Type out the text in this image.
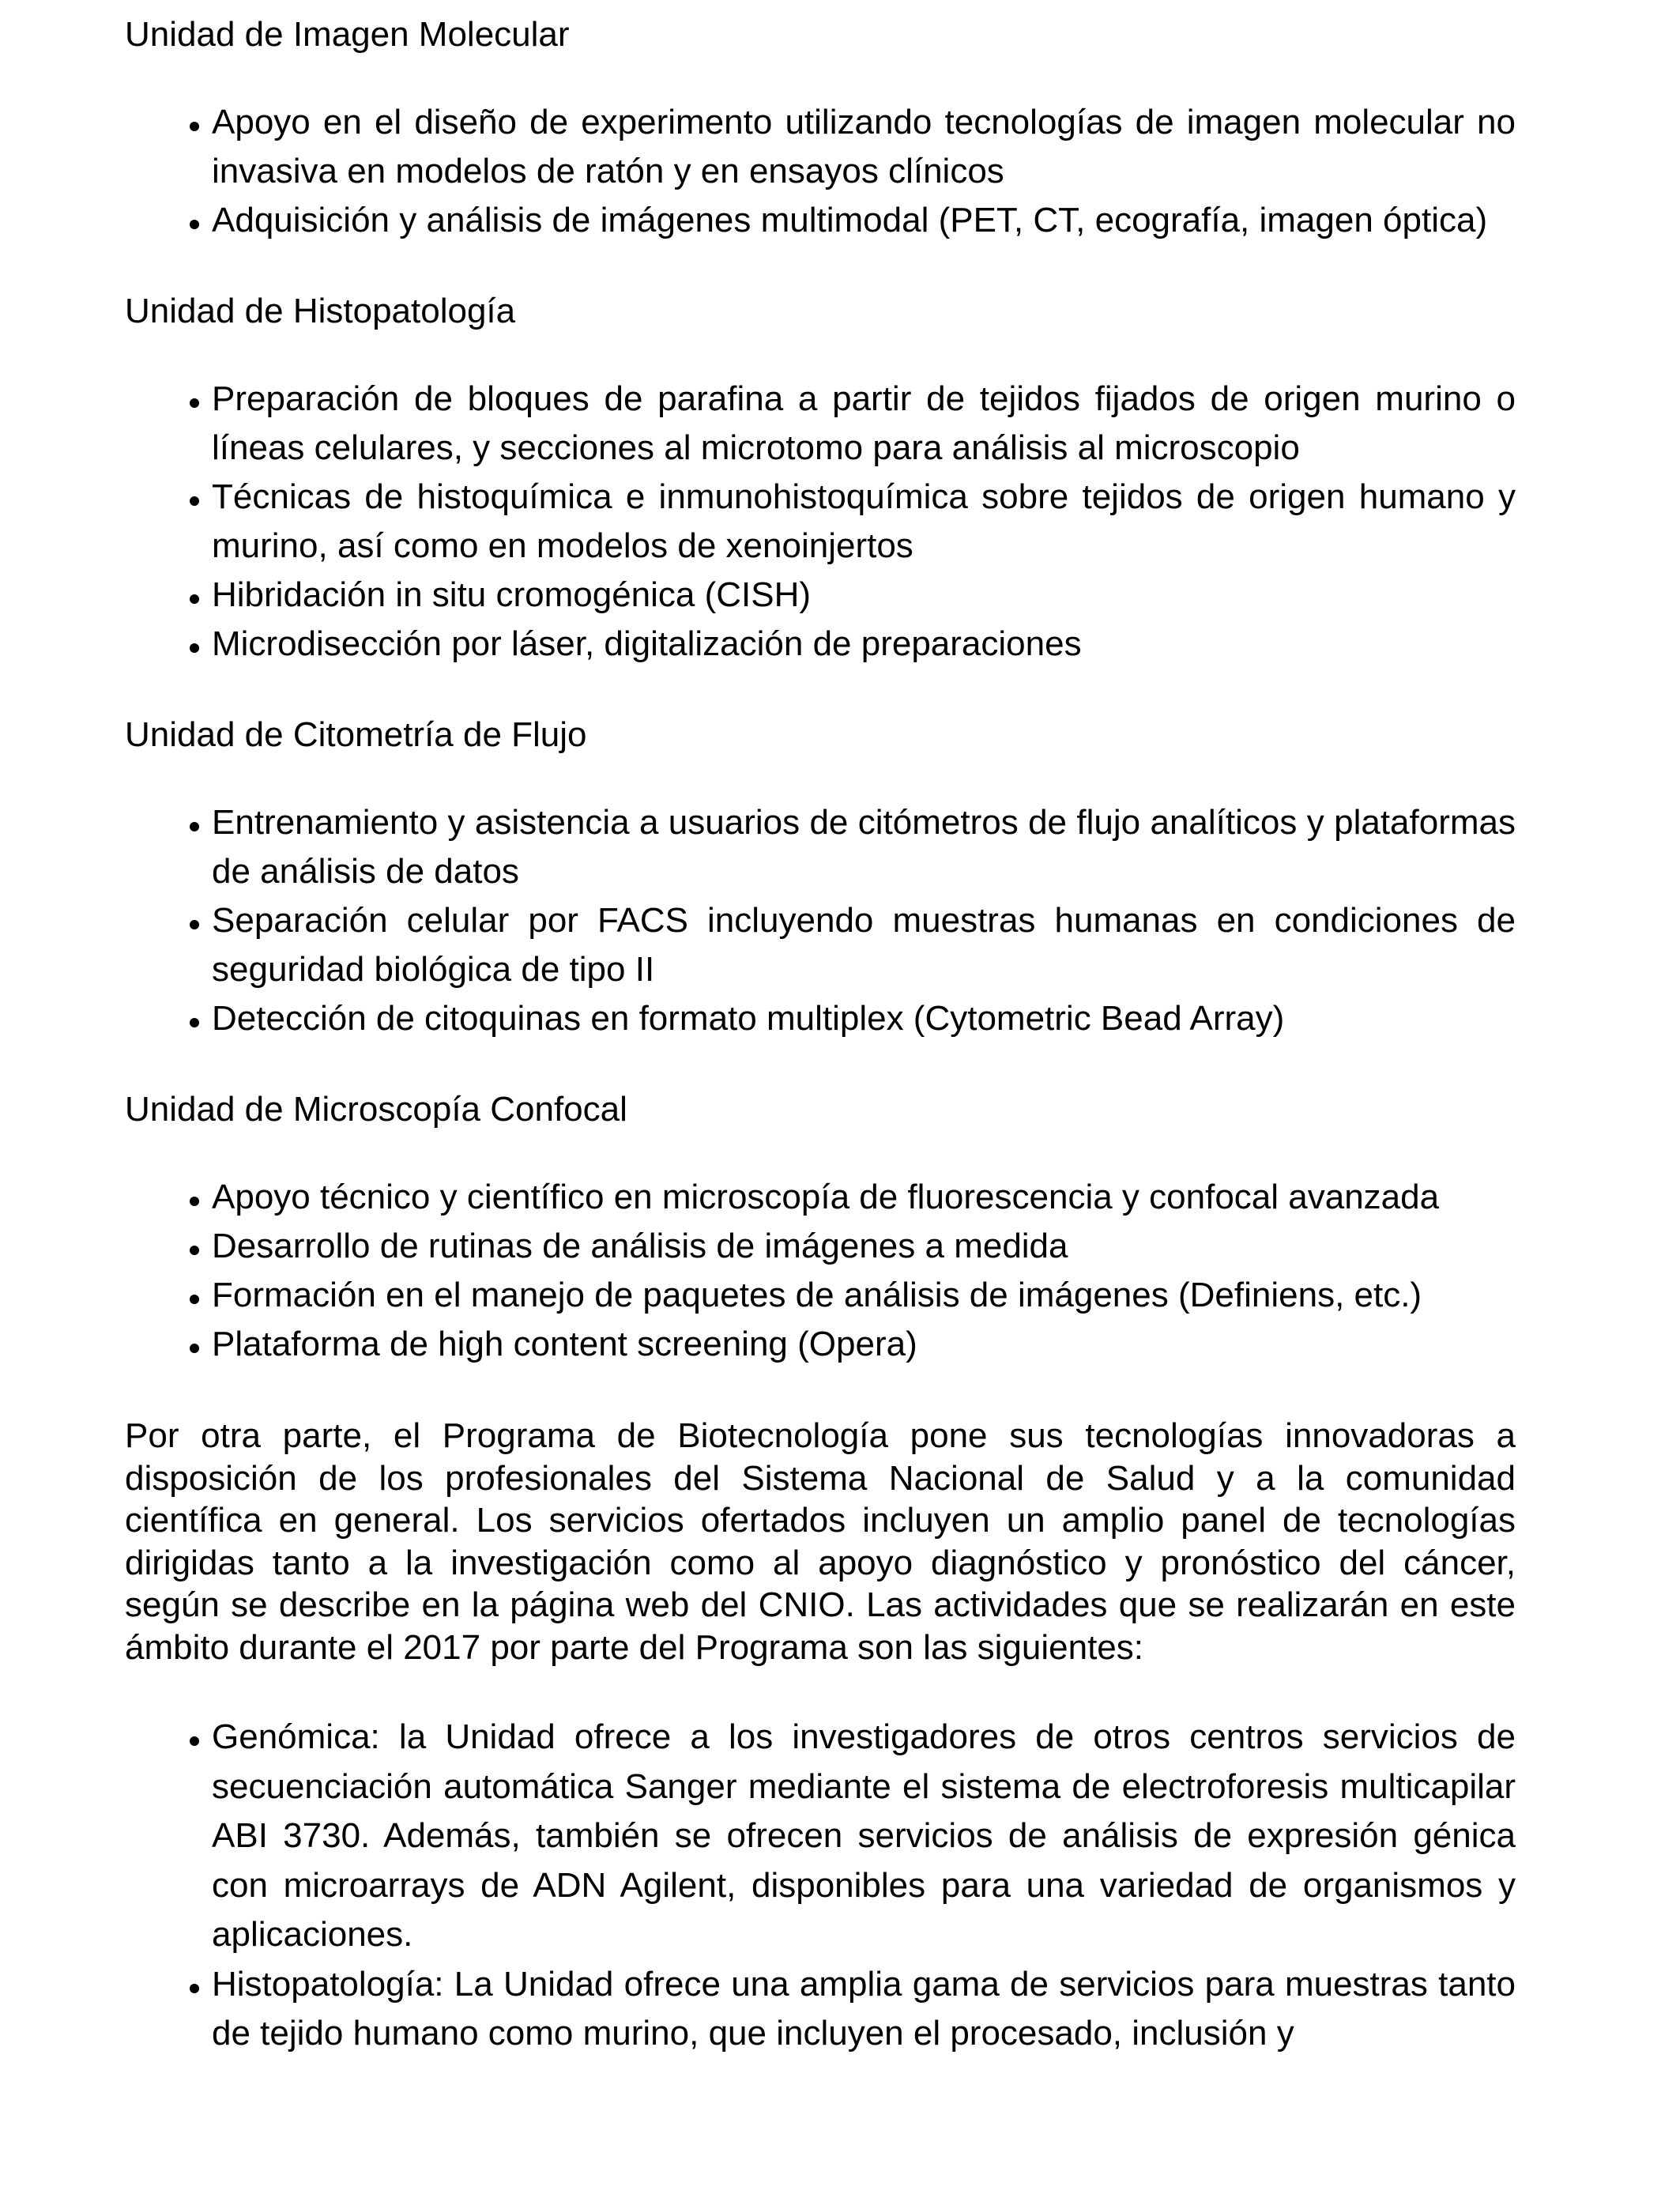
Unidad de Imagen Molecular
Apoyo en el diseño de experimento utilizando tecnologías de imagen molecular no invasiva en modelos de ratón y en ensayos clínicos
Adquisición y análisis de imágenes multimodal (PET, CT, ecografía, imagen óptica)
Unidad de Histopatología
Preparación de bloques de parafina a partir de tejidos fijados de origen murino o líneas celulares, y secciones al microtomo para análisis al microscopio
Técnicas de histoquímica e inmunohistoquímica sobre tejidos de origen humano y murino, así como en modelos de xenoinjertos
Hibridación in situ cromogénica (CISH)
Microdisección por láser, digitalización de preparaciones
Unidad de Citometría de Flujo
Entrenamiento y asistencia a usuarios de citómetros de flujo analíticos y plataformas de análisis de datos
Separación celular por FACS incluyendo muestras humanas en condiciones de seguridad biológica de tipo II
Detección de citoquinas en formato multiplex (Cytometric Bead Array)
Unidad de Microscopía Confocal
Apoyo técnico y científico en microscopía de fluorescencia y confocal avanzada
Desarrollo de rutinas de análisis de imágenes a medida
Formación en el manejo de paquetes de análisis de imágenes (Definiens, etc.)
Plataforma de high content screening (Opera)

Por otra parte, el Programa de Biotecnología pone sus tecnologías innovadoras a disposición de los profesionales del Sistema Nacional de Salud y a la comunidad científica en general. Los servicios ofertados incluyen un amplio panel de tecnologías dirigidas tanto a la investigación como al apoyo diagnóstico y pronóstico del cáncer, según se describe en la página web del CNIO. Las actividades que se realizarán en este ámbito durante el 2017 por parte del Programa son las siguientes:

Genómica: la Unidad ofrece a los investigadores de otros centros servicios de secuenciación automática Sanger mediante el sistema de electroforesis multicapilar ABI 3730. Además, también se ofrecen servicios de análisis de expresión génica con microarrays de ADN Agilent, disponibles para una variedad de organismos y aplicaciones.
Histopatología: La Unidad ofrece una amplia gama de servicios para muestras tanto de tejido humano como murino, que incluyen el procesado, inclusión y
